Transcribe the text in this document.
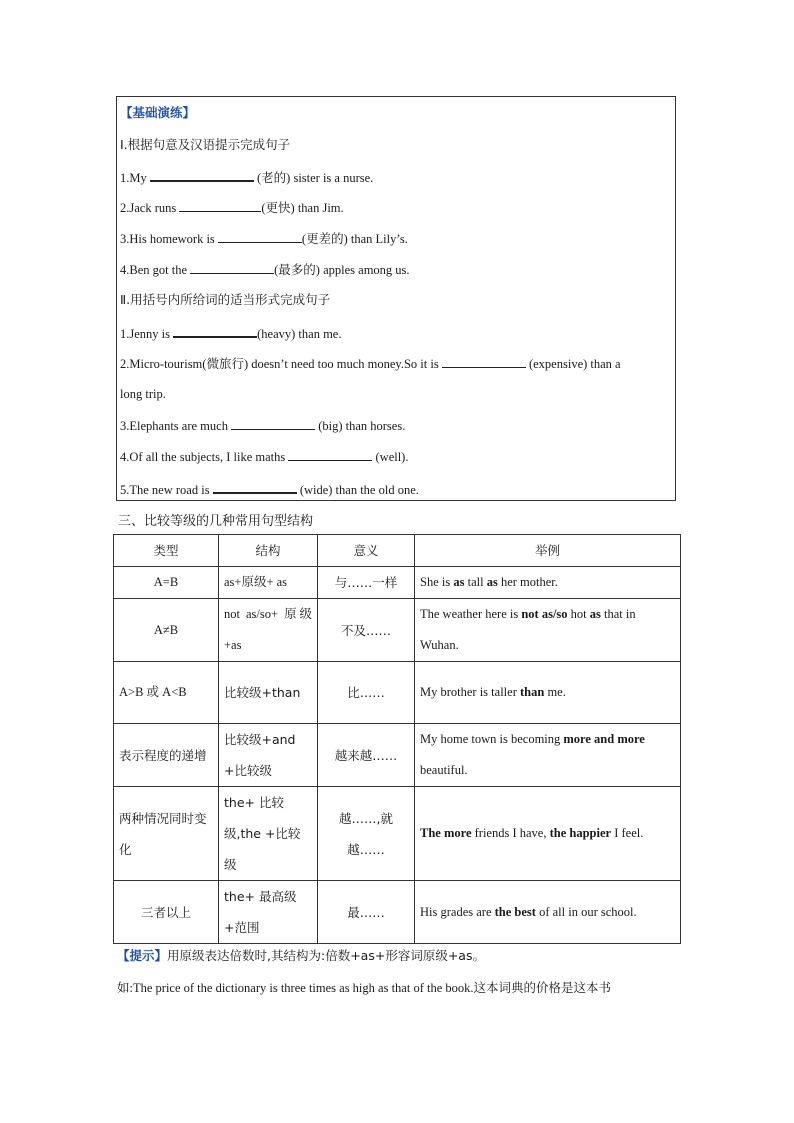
【基础演练】
Ⅰ.根据句意及汉语提示完成句子
1.My	(老的) sister is a nurse.
2.Jack runs	(更快) than Jim.
3.His homework is	(更差的) than Lily’s.
4.Ben got the	(最多的) apples among us.
Ⅱ.用括号内所给词的适当形式完成句子
1.Jenny is	(heavy) than me.
2.Micro-tourism(微旅行) doesn’t need too much money.So it is	(expensive) than a
long trip.
3.Elephants are much	(big) than horses.
4.Of all the subjects, I like maths	(well).
5.The new road is	(wide) than the old one.
三、比较等级的几种常用句型结构
类型	结构	意义	举例
A=B	as+原级+ as	与……一样	She is as tall as her mother.
A≠B	not as/so+ 原级 +as	不及……	The weather here is not as/so hot as that in Wuhan.
A>B 或 A<B	比较级+than	比……	My brother is taller than me.
表示程度的递增	比较级+and +比较级	越来越……	My home town is becoming more and more beautiful.
两种情况同时变化	the+ 比较级,the +比较级	越……,就越……	The more friends I have, the happier I feel.
三者以上	the+ 最高级+范围	最……	His grades are the best of all in our school.
【提示】用原级表达倍数时,其结构为:倍数+as+形容词原级+as。
如:The price of the dictionary is three times as high as that of the book.这本词典的价格是这本书
